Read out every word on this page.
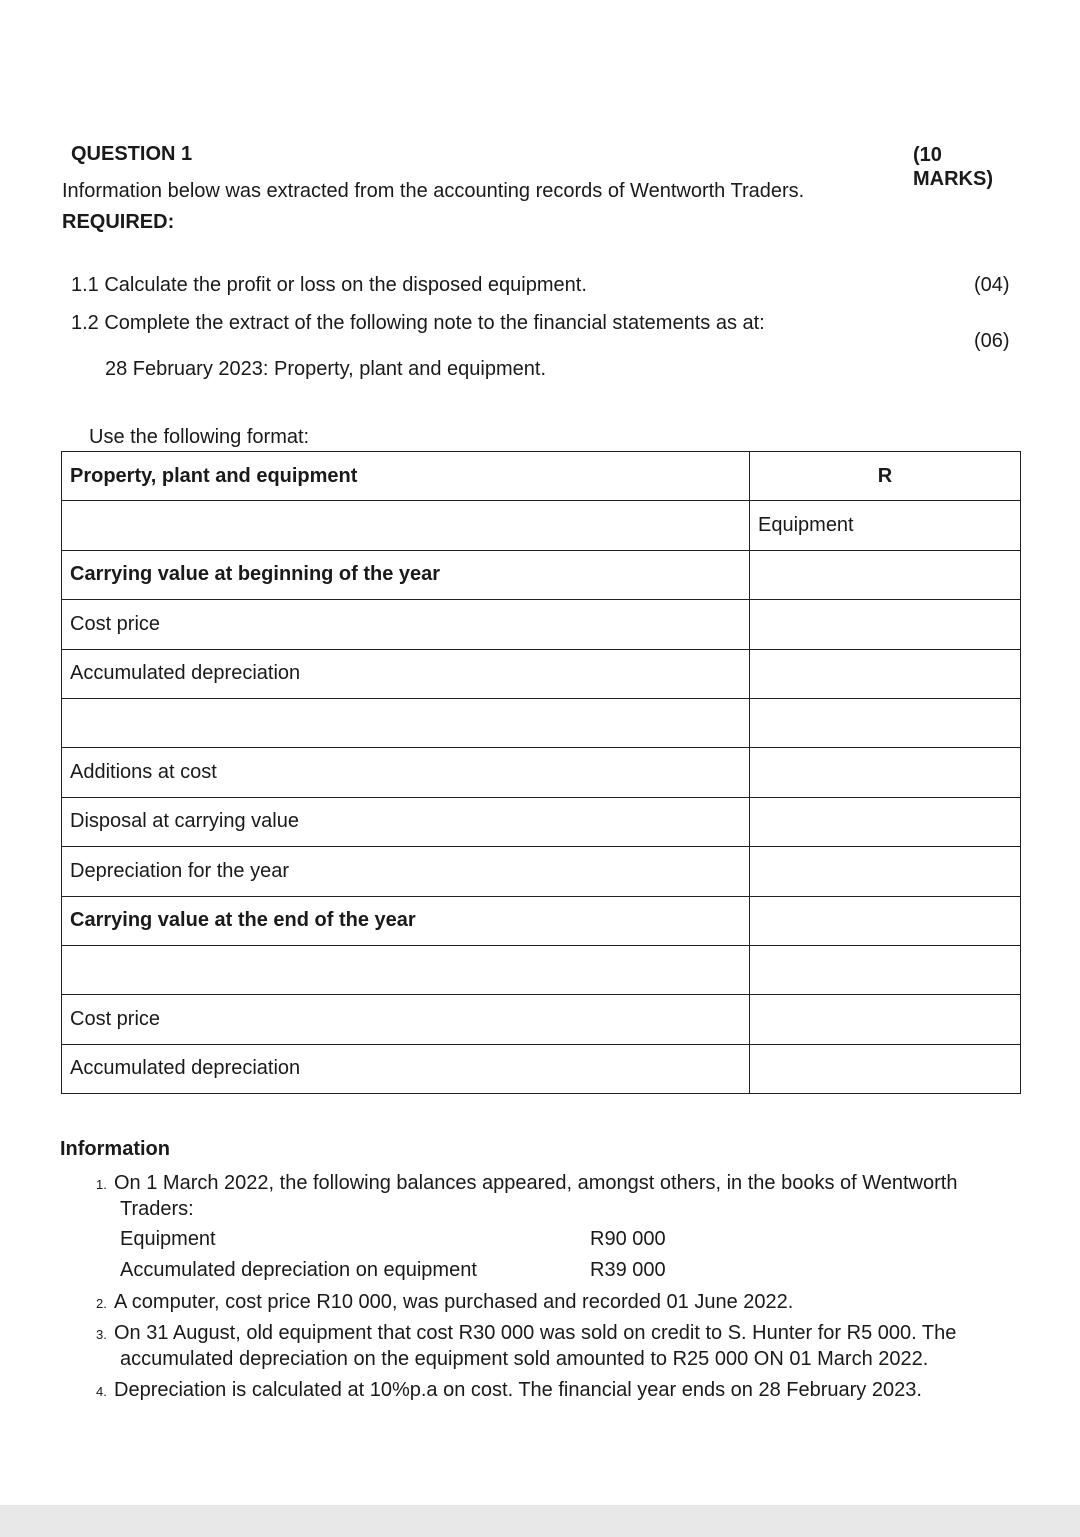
QUESTION 1	(10 MARKS)
Information below was extracted from the accounting records of Wentworth Traders.
REQUIRED:
1.1 Calculate the profit or loss on the disposed equipment.	(04)
1.2 Complete the extract of the following note to the financial statements as at:
(06)
28 February 2023: Property, plant and equipment.
Use the following format:
Property, plant and equipment	R
	Equipment
Carrying value at beginning of the year	
Cost price	
Accumulated depreciation	

Additions at cost	
Disposal at carrying value	
Depreciation for the year	
Carrying value at the end of the year	

Cost price	
Accumulated depreciation	
Information
1. On 1 March 2022, the following balances appeared, amongst others, in the books of Wentworth
Traders:
Equipment	R90 000
Accumulated depreciation on equipment	R39 000
2. A computer, cost price R10 000, was purchased and recorded 01 June 2022.
3. On 31 August, old equipment that cost R30 000 was sold on credit to S. Hunter for R5 000. The
accumulated depreciation on the equipment sold amounted to R25 000 ON 01 March 2022.
4. Depreciation is calculated at 10%p.a on cost. The financial year ends on 28 February 2023.
